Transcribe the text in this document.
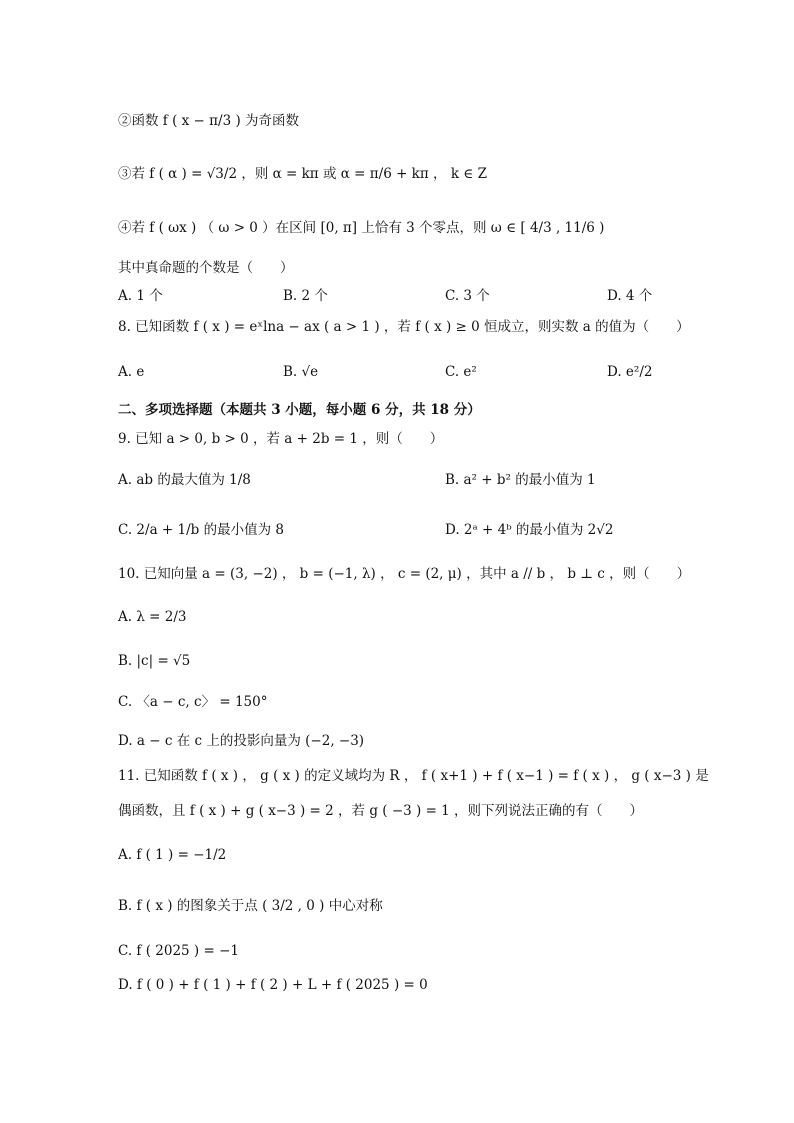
②函数 f ( x − π/3 ) 为奇函数
③若 f ( α ) = √3/2 ，则 α = kπ 或 α = π/6 + kπ ， k ∈ Z
④若 f ( ωx ) （ ω > 0 ）在区间 [0, π] 上恰有 3 个零点，则 ω ∈ [ 4/3 , 11/6 )
其中真命题的个数是（　　）
A. 1 个	B. 2 个	C. 3 个	D. 4 个
8. 已知函数 f ( x ) = eˣlna − ax ( a > 1 ) ，若 f ( x ) ≥ 0 恒成立，则实数 a 的值为（　　）
A. e	B. √e	C. e²	D. e²/2
二、多项选择题（本题共 3 小题，每小题 6 分，共 18 分）
9. 已知 a > 0, b > 0 ，若 a + 2b = 1 ，则（　　）
A. ab 的最大值为 1/8	B. a² + b² 的最小值为 1
C. 2/a + 1/b 的最小值为 8	D. 2ᵃ + 4ᵇ 的最小值为 2√2
10. 已知向量 a = (3, −2) ， b = (−1, λ) ， c = (2, μ) ，其中 a // b ， b ⊥ c ，则（　　）
A. λ = 2/3
B. |c| = √5
C. 〈a − c, c〉 = 150°
D. a − c 在 c 上的投影向量为 (−2, −3)
11. 已知函数 f ( x ) ， g ( x ) 的定义域均为 R ， f ( x+1 ) + f ( x−1 ) = f ( x ) ， g ( x−3 ) 是
偶函数，且 f ( x ) + g ( x−3 ) = 2 ，若 g ( −3 ) = 1 ，则下列说法正确的有（　　）
A. f ( 1 ) = −1/2
B. f ( x ) 的图象关于点 ( 3/2 , 0 ) 中心对称
C. f ( 2025 ) = −1
D. f ( 0 ) + f ( 1 ) + f ( 2 ) + L + f ( 2025 ) = 0
